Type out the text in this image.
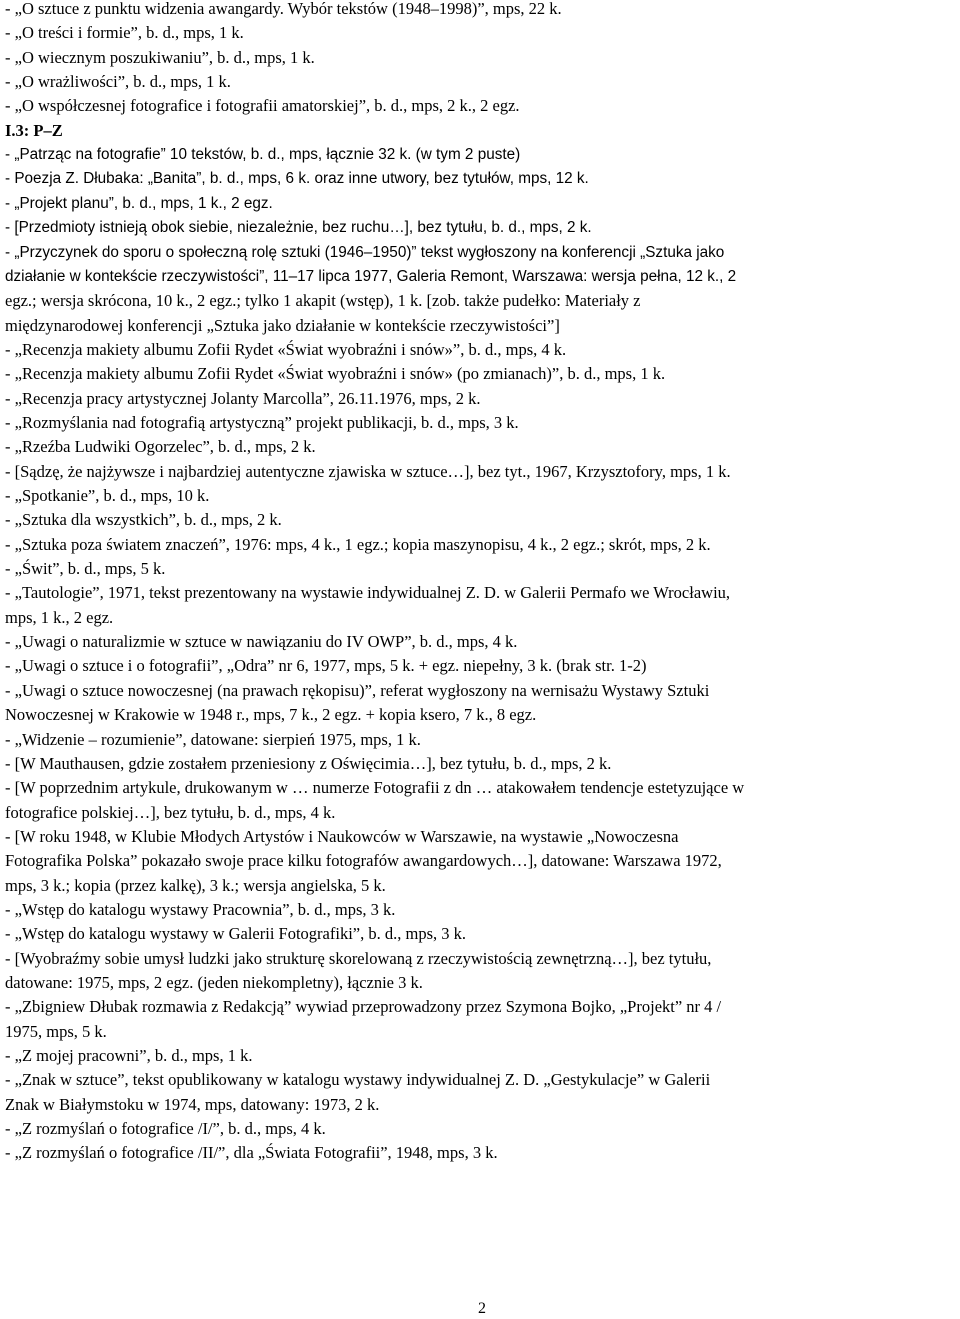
- „O sztuce z punktu widzenia awangardy. Wybór tekstów (1948–1998)”, mps, 22 k.
- „O treści i formie”, b. d., mps, 1 k.
- „O wiecznym poszukiwaniu”, b. d., mps, 1 k.
- „O wrażliwości”, b. d., mps, 1 k.
- „O współczesnej fotografice i fotografii amatorskiej”, b. d., mps, 2 k., 2 egz.
I.3: P–Z
- „Patrząc na fotografie” 10 tekstów, b. d., mps, łącznie 32 k. (w tym 2 puste)
- Poezja Z. Dłubaka: „Banita”, b. d., mps, 6 k. oraz inne utwory, bez tytułów, mps, 12 k.
- „Projekt planu”, b. d., mps, 1 k., 2 egz.
- [Przedmioty istnieją obok siebie, niezależnie, bez ruchu…], bez tytułu, b. d., mps, 2 k.
- „Przyczynek do sporu o społeczną rolę sztuki (1946–1950)” tekst wygłoszony na konferencji „Sztuka jako
działanie w kontekście rzeczywistości”, 11–17 lipca 1977, Galeria Remont, Warszawa: wersja pełna, 12 k., 2
egz.; wersja skrócona, 10 k., 2 egz.; tylko 1 akapit (wstęp), 1 k. [zob. także pudełko: Materiały z
międzynarodowej konferencji „Sztuka jako działanie w kontekście rzeczywistości”]
- „Recenzja makiety albumu Zofii Rydet «Świat wyobraźni i snów»”, b. d., mps, 4 k.
- „Recenzja makiety albumu Zofii Rydet «Świat wyobraźni i snów» (po zmianach)”, b. d., mps, 1 k.
- „Recenzja pracy artystycznej Jolanty Marcolla”, 26.11.1976, mps, 2 k.
- „Rozmyślania nad fotografią artystyczną” projekt publikacji, b. d., mps, 3 k.
- „Rzeźba Ludwiki Ogorzelec”, b. d., mps, 2 k.
- [Sądzę, że najżywsze i najbardziej autentyczne zjawiska w sztuce…], bez tyt., 1967, Krzysztofory, mps, 1 k.
- „Spotkanie”, b. d., mps, 10 k.
- „Sztuka dla wszystkich”, b. d., mps, 2 k.
- „Sztuka poza światem znaczeń”, 1976: mps, 4 k., 1 egz.; kopia maszynopisu, 4 k., 2 egz.; skrót, mps, 2 k.
- „Świt”, b. d., mps, 5 k.
- „Tautologie”, 1971, tekst prezentowany na wystawie indywidualnej Z. D. w Galerii Permafo we Wrocławiu,
mps, 1 k., 2 egz.
- „Uwagi o naturalizmie w sztuce w nawiązaniu do IV OWP”, b. d., mps, 4 k.
- „Uwagi o sztuce i o fotografii”, „Odra” nr 6, 1977, mps, 5 k. + egz. niepełny, 3 k. (brak str. 1-2)
- „Uwagi o sztuce nowoczesnej (na prawach rękopisu)”, referat wygłoszony na wernisażu Wystawy Sztuki
Nowoczesnej w Krakowie w 1948 r., mps, 7 k., 2 egz. + kopia ksero, 7 k., 8 egz.
- „Widzenie – rozumienie”, datowane: sierpień 1975, mps, 1 k.
- [W Mauthausen, gdzie zostałem przeniesiony z Oświęcimia…], bez tytułu, b. d., mps, 2 k.
- [W poprzednim artykule, drukowanym w … numerze Fotografii z dn … atakowałem tendencje estetyzujące w
fotografice polskiej…], bez tytułu, b. d., mps, 4 k.
- [W roku 1948, w Klubie Młodych Artystów i Naukowców w Warszawie, na wystawie „Nowoczesna
Fotografika Polska” pokazało swoje prace kilku fotografów awangardowych…], datowane: Warszawa 1972,
mps, 3 k.; kopia (przez kalkę), 3 k.; wersja angielska, 5 k.
- „Wstęp do katalogu wystawy Pracownia”, b. d., mps, 3 k.
- „Wstęp do katalogu wystawy w Galerii Fotografiki”, b. d., mps, 3 k.
- [Wyobraźmy sobie umysł ludzki jako strukturę skorelowaną z rzeczywistością zewnętrzną…], bez tytułu,
datowane: 1975, mps, 2 egz. (jeden niekompletny), łącznie 3 k.
- „Zbigniew Dłubak rozmawia z Redakcją” wywiad przeprowadzony przez Szymona Bojko, „Projekt” nr 4 /
1975, mps, 5 k.
- „Z mojej pracowni”, b. d., mps, 1 k.
- „Znak w sztuce”, tekst opublikowany w katalogu wystawy indywidualnej Z. D. „Gestykulacje” w Galerii
Znak w Białymstoku w 1974, mps, datowany: 1973, 2 k.
- „Z rozmyślań o fotografice /I/”, b. d., mps, 4 k.
- „Z rozmyślań o fotografice /II/”, dla „Świata Fotografii”, 1948, mps, 3 k.
2
